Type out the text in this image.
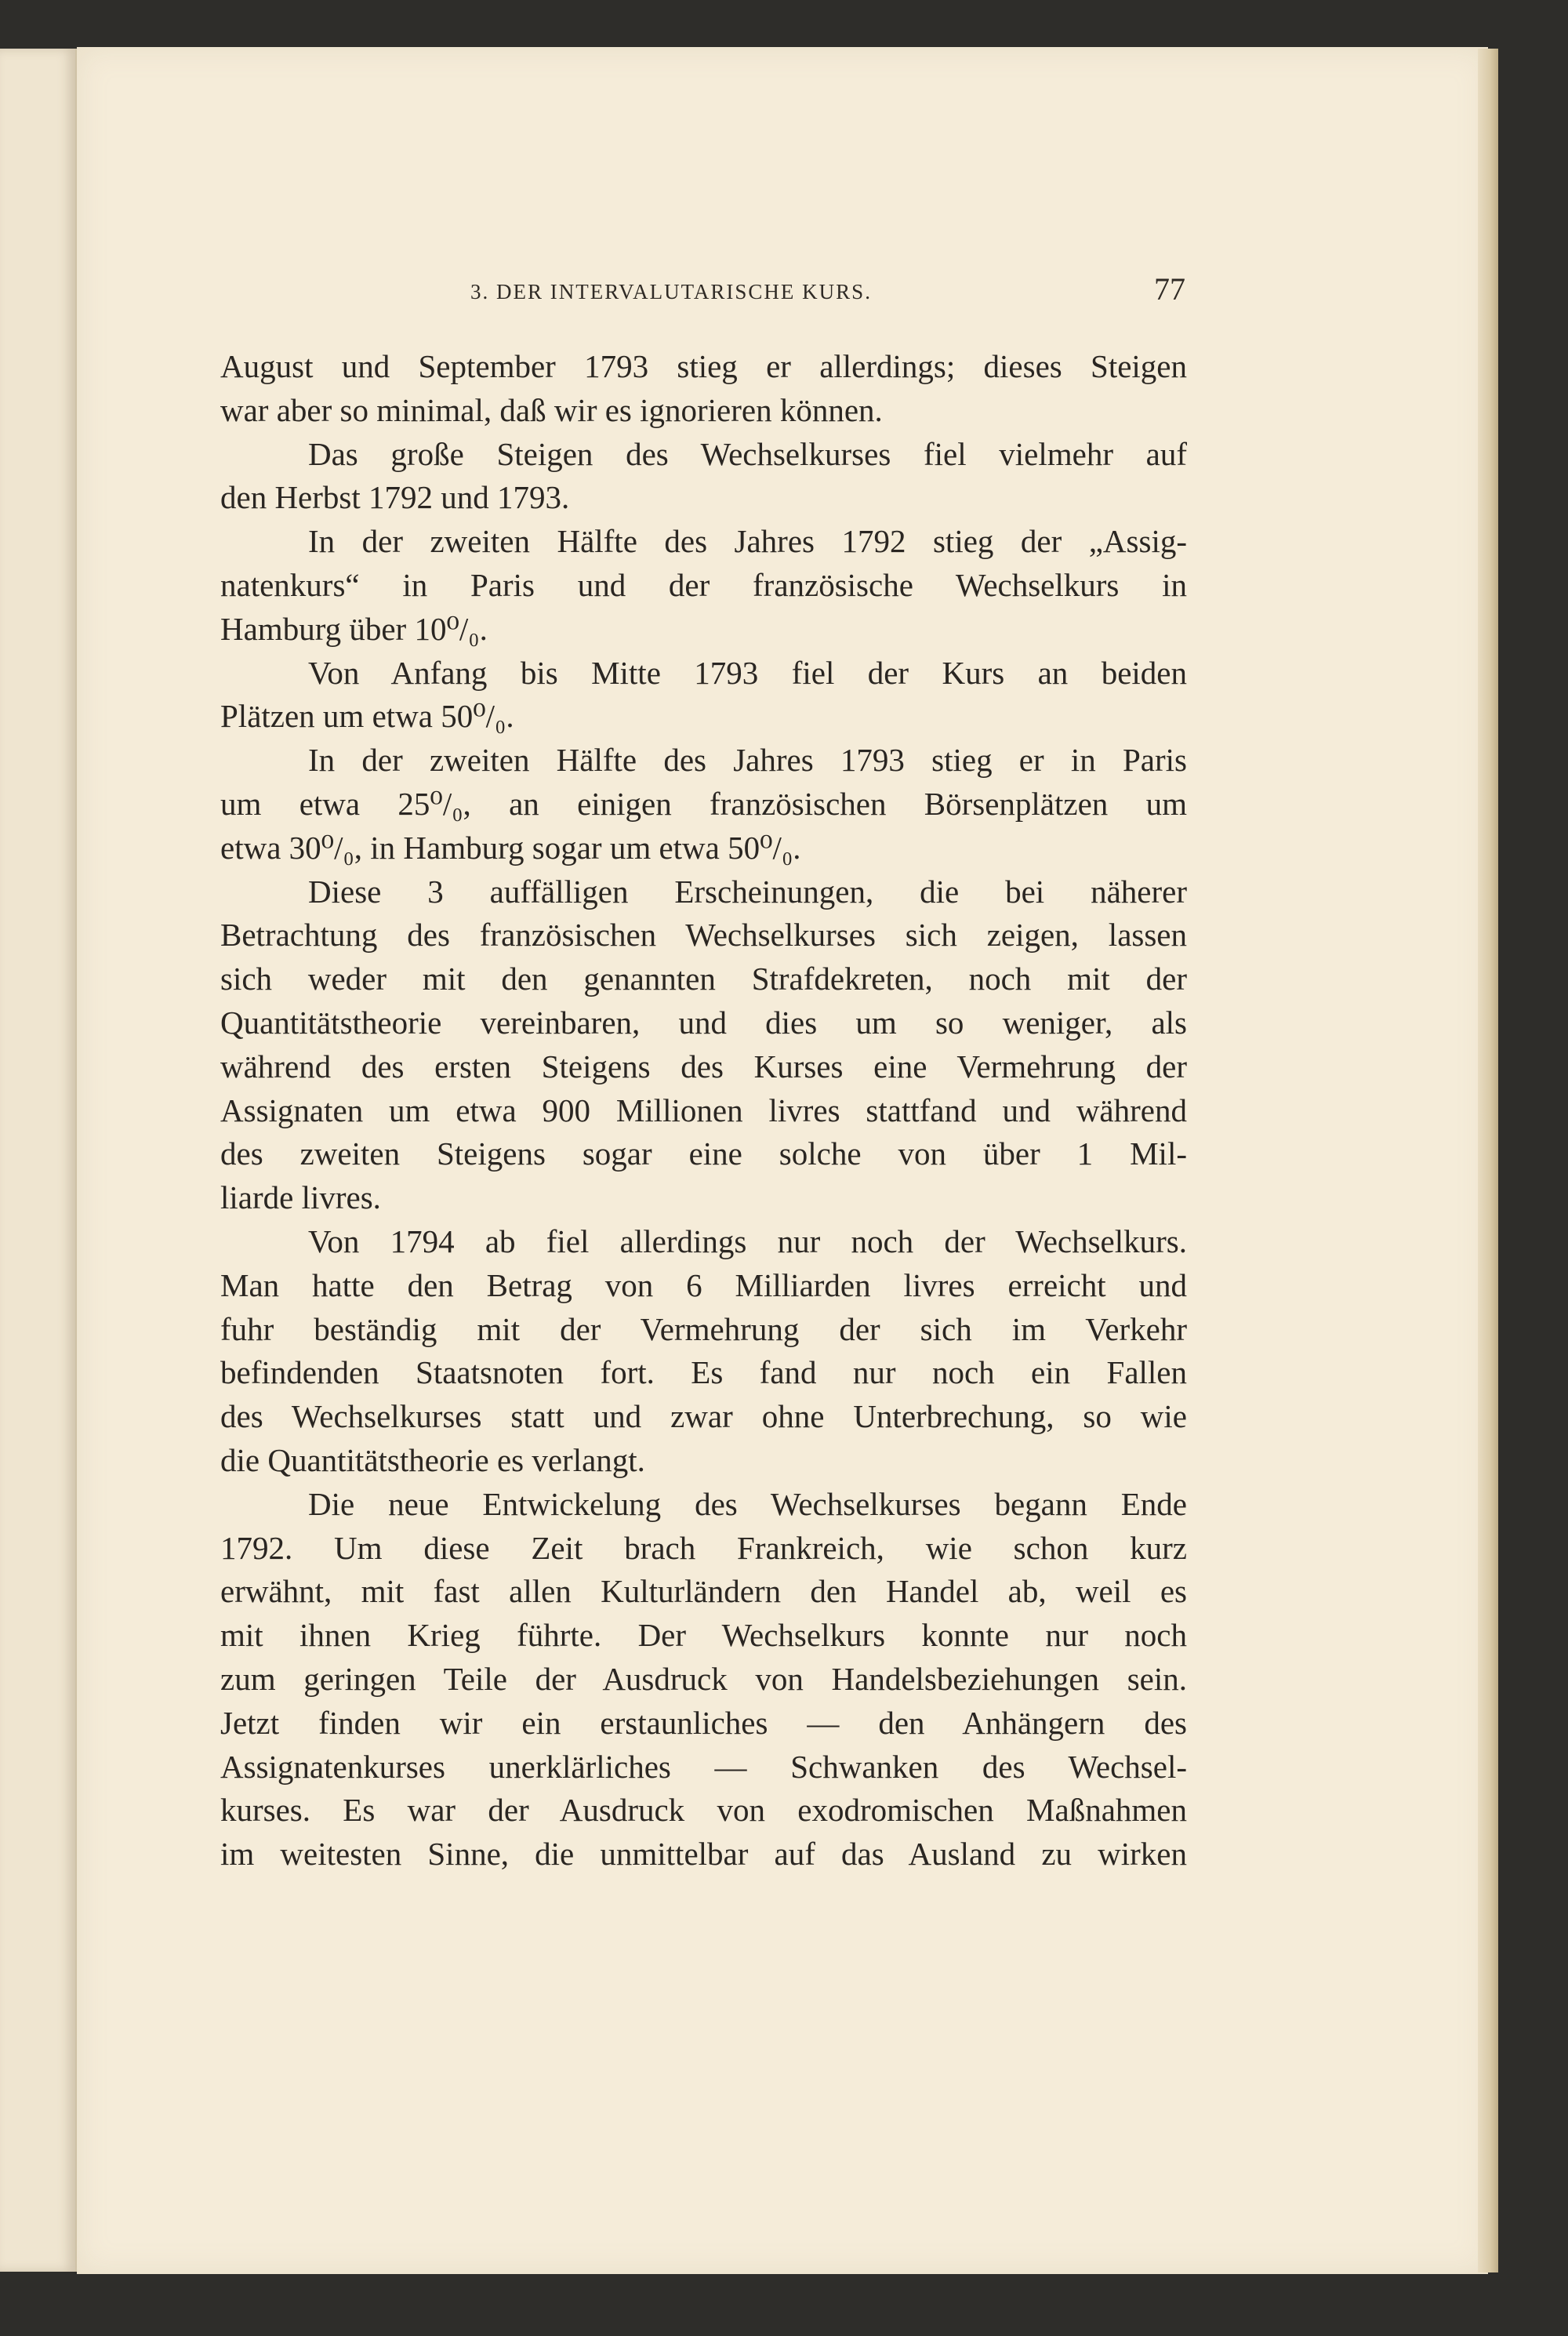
3. DER INTERVALUTARISCHE KURS.	77

August und September 1793 stieg er allerdings; dieses Steigen
war aber so minimal, daß wir es ignorieren können.

Das große Steigen des Wechselkurses fiel vielmehr auf
den Herbst 1792 und 1793.

In der zweiten Hälfte des Jahres 1792 stieg der „Assig-
natenkurs“ in Paris und der französische Wechselkurs in
Hamburg über 10⁰/₀.

Von Anfang bis Mitte 1793 fiel der Kurs an beiden
Plätzen um etwa 50⁰/₀.

In der zweiten Hälfte des Jahres 1793 stieg er in Paris
um etwa 25⁰/₀, an einigen französischen Börsenplätzen um
etwa 30⁰/₀, in Hamburg sogar um etwa 50⁰/₀.

Diese 3 auffälligen Erscheinungen, die bei näherer
Betrachtung des französischen Wechselkurses sich zeigen, lassen
sich weder mit den genannten Strafdekreten, noch mit der
Quantitätstheorie vereinbaren, und dies um so weniger, als
während des ersten Steigens des Kurses eine Vermehrung der
Assignaten um etwa 900 Millionen livres stattfand und während
des zweiten Steigens sogar eine solche von über 1 Mil-
liarde livres.

Von 1794 ab fiel allerdings nur noch der Wechselkurs.
Man hatte den Betrag von 6 Milliarden livres erreicht und
fuhr beständig mit der Vermehrung der sich im Verkehr
befindenden Staatsnoten fort. Es fand nur noch ein Fallen
des Wechselkurses statt und zwar ohne Unterbrechung, so wie
die Quantitätstheorie es verlangt.

Die neue Entwickelung des Wechselkurses begann Ende
1792. Um diese Zeit brach Frankreich, wie schon kurz
erwähnt, mit fast allen Kulturländern den Handel ab, weil es
mit ihnen Krieg führte. Der Wechselkurs konnte nur noch
zum geringen Teile der Ausdruck von Handelsbeziehungen sein.
Jetzt finden wir ein erstaunliches — den Anhängern des
Assignatenkurses unerklärliches — Schwanken des Wechsel-
kurses. Es war der Ausdruck von exodromischen Maßnahmen
im weitesten Sinne, die unmittelbar auf das Ausland zu wirken
